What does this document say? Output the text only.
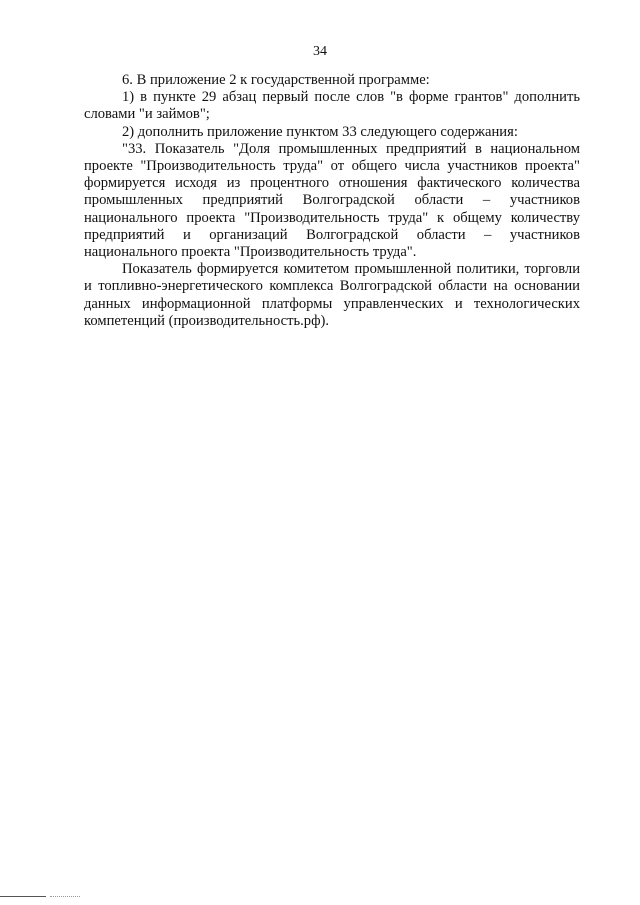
34

6. В приложение 2 к государственной программе:

1) в пункте 29 абзац первый после слов "в форме грантов" дополнить словами "и займов";

2) дополнить приложение пунктом 33 следующего содержания:

"33. Показатель "Доля промышленных предприятий в национальном проекте "Производительность труда" от общего числа участников проекта" формируется исходя из процентного отношения фактического количества промышленных предприятий Волгоградской области – участников национального проекта "Производительность труда" к общему количеству предприятий и организаций Волгоградской области – участников национального проекта "Производительность труда".

Показатель формируется комитетом промышленной политики, торговли и топливно-энергетического комплекса Волгоградской области на основании данных информационной платформы управленческих и технологических компетенций (производительность.рф).
